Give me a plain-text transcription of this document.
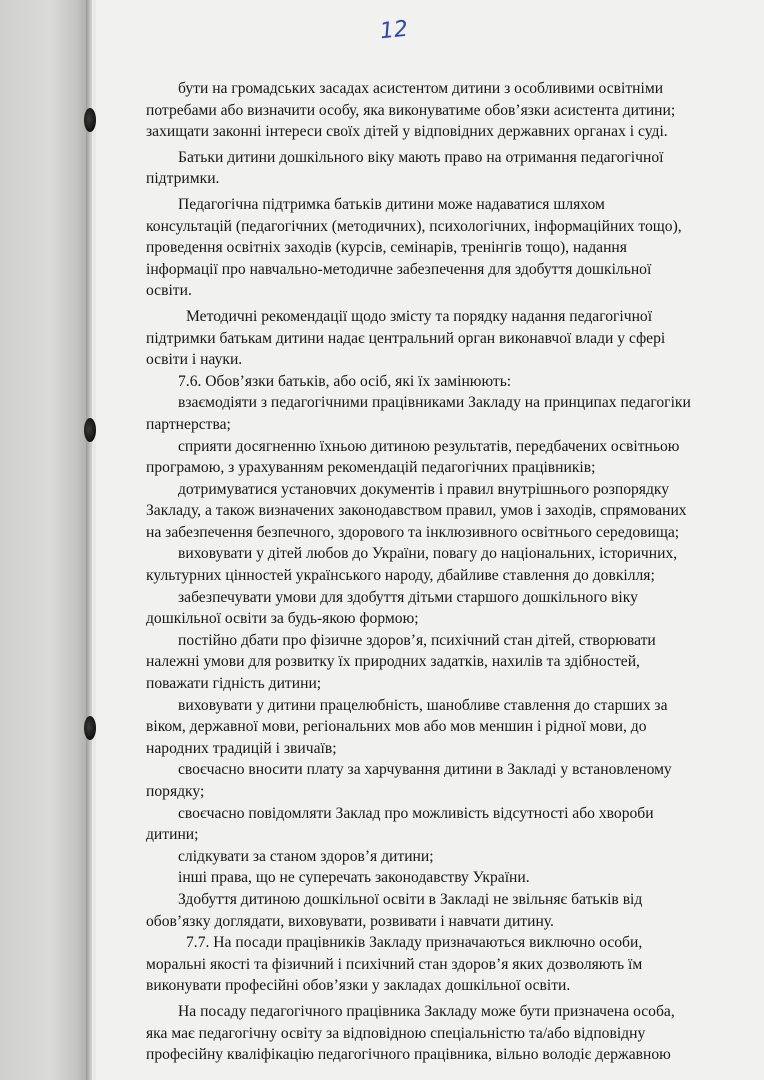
12
бути на громадських засадах асистентом дитини з особливими освітніми
потребами або визначити особу, яка виконуватиме обов’язки асистента дитини;
захищати законні інтереси своїх дітей у відповідних державних органах і суді.
Батьки дитини дошкільного віку мають право на отримання педагогічної
підтримки.
Педагогічна підтримка батьків дитини може надаватися шляхом
консультацій (педагогічних (методичних), психологічних, інформаційних тощо),
проведення освітніх заходів (курсів, семінарів, тренінгів тощо), надання
інформації про навчально-методичне забезпечення для здобуття дошкільної
освіти.
Методичні рекомендації щодо змісту та порядку надання педагогічної
підтримки батькам дитини надає центральний орган виконавчої влади у сфері
освіти і науки.
7.6. Обов’язки батьків, або осіб, які їх замінюють:
взаємодіяти з педагогічними працівниками Закладу на принципах педагогіки
партнерства;
сприяти досягненню їхньою дитиною результатів, передбачених освітньою
програмою, з урахуванням рекомендацій педагогічних працівників;
дотримуватися установчих документів і правил внутрішнього розпорядку
Закладу, а також визначених законодавством правил, умов і заходів, спрямованих
на забезпечення безпечного, здорового та інклюзивного освітнього середовища;
виховувати у дітей любов до України, повагу до національних, історичних,
культурних цінностей українського народу, дбайливе ставлення до довкілля;
забезпечувати умови для здобуття дітьми старшого дошкільного віку
дошкільної освіти за будь-якою формою;
постійно дбати про фізичне здоров’я, психічний стан дітей, створювати
належні умови для розвитку їх природних задатків, нахилів та здібностей,
поважати гідність дитини;
виховувати у дитини працелюбність, шанобливе ставлення до старших за
віком, державної мови, регіональних мов або мов меншин і рідної мови, до
народних традицій і звичаїв;
своєчасно вносити плату за харчування дитини в Закладі у встановленому
порядку;
своєчасно повідомляти Заклад про можливість відсутності або хвороби
дитини;
слідкувати за станом здоров’я дитини;
інші права, що не суперечать законодавству України.
Здобуття дитиною дошкільної освіти в Закладі не звільняє батьків від
обов’язку доглядати, виховувати, розвивати і навчати дитину.
7.7. На посади працівників Закладу призначаються виключно особи,
моральні якості та фізичний і психічний стан здоров’я яких дозволяють їм
виконувати професійні обов’язки у закладах дошкільної освіти.
На посаду педагогічного працівника Закладу може бути призначена особа,
яка має педагогічну освіту за відповідною спеціальністю та/або відповідну
професійну кваліфікацію педагогічного працівника, вільно володіє державною
